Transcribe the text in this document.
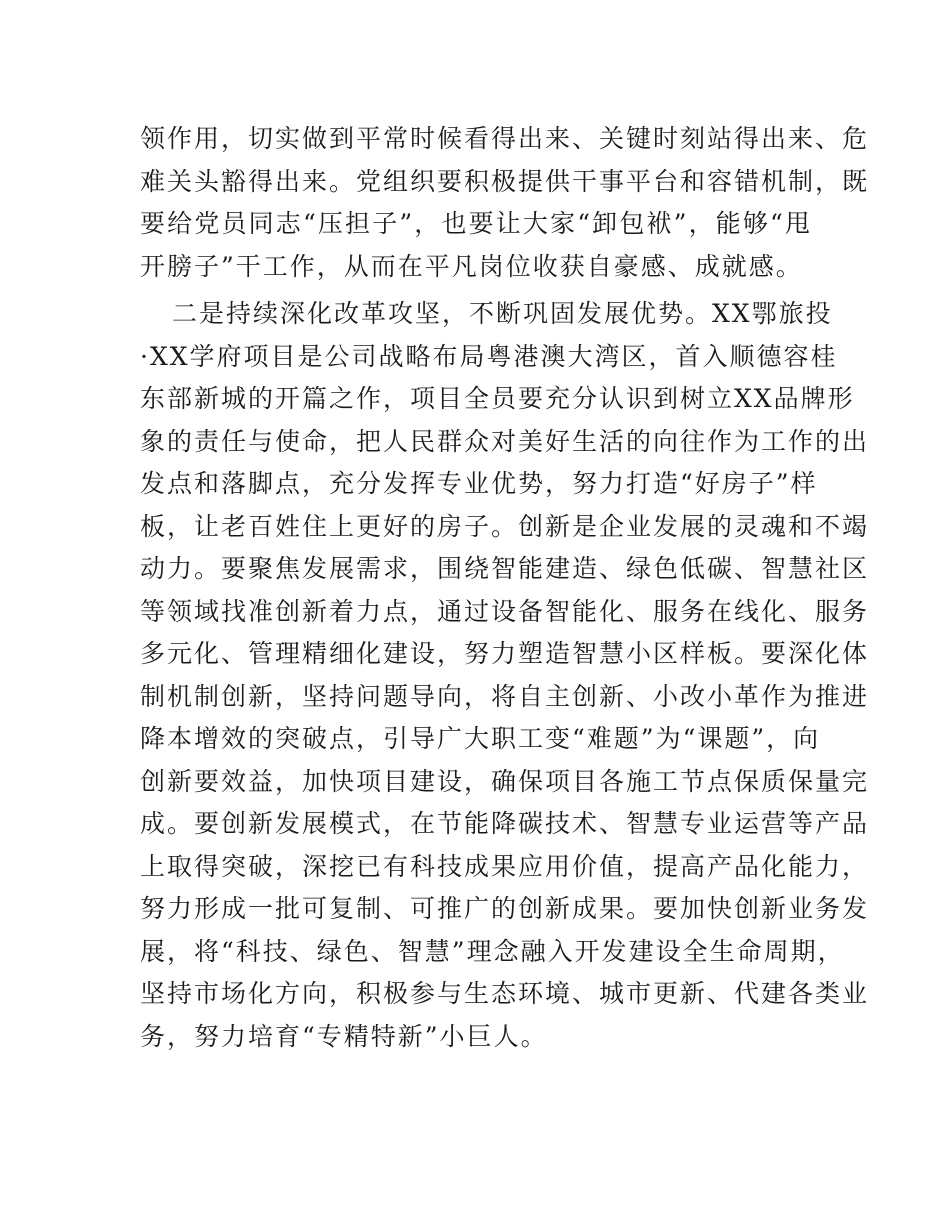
领作用，切实做到平常时候看得出来、关键时刻站得出来、危
难关头豁得出来。党组织要积极提供干事平台和容错机制，既
要给党员同志“压担子”，也要让大家“卸包袱”，能够“甩
开膀子”干工作，从而在平凡岗位收获自豪感、成就感。
二是持续深化改革攻坚，不断巩固发展优势。XX鄂旅投
·XX学府项目是公司战略布局粤港澳大湾区，首入顺德容桂
东部新城的开篇之作，项目全员要充分认识到树立XX品牌形
象的责任与使命，把人民群众对美好生活的向往作为工作的出
发点和落脚点，充分发挥专业优势，努力打造“好房子”样
板，让老百姓住上更好的房子。创新是企业发展的灵魂和不竭
动力。要聚焦发展需求，围绕智能建造、绿色低碳、智慧社区
等领域找准创新着力点，通过设备智能化、服务在线化、服务
多元化、管理精细化建设，努力塑造智慧小区样板。要深化体
制机制创新，坚持问题导向，将自主创新、小改小革作为推进
降本增效的突破点，引导广大职工变“难题”为“课题”，向
创新要效益，加快项目建设，确保项目各施工节点保质保量完
成。要创新发展模式，在节能降碳技术、智慧专业运营等产品
上取得突破，深挖已有科技成果应用价值，提高产品化能力，
努力形成一批可复制、可推广的创新成果。要加快创新业务发
展，将“科技、绿色、智慧”理念融入开发建设全生命周期，
坚持市场化方向，积极参与生态环境、城市更新、代建各类业
务，努力培育“专精特新”小巨人。
